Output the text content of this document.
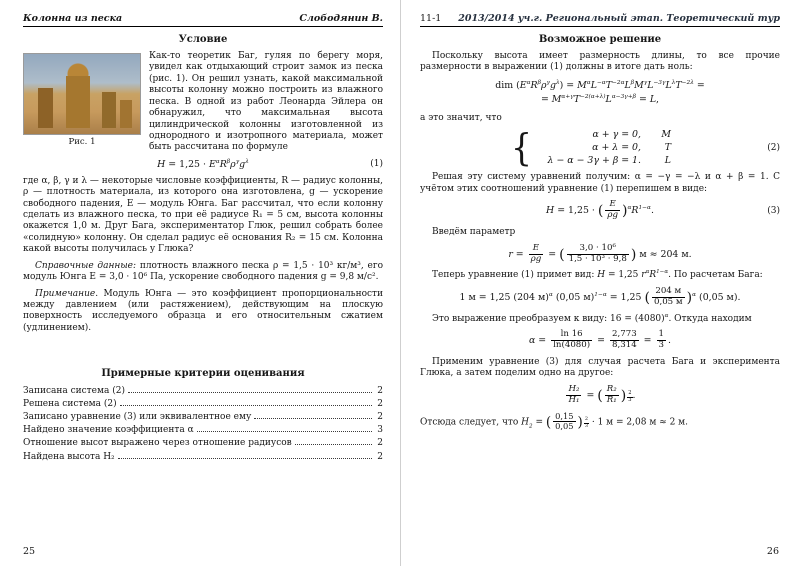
Колонна из песка	Слободянин В.
Условие
Рис. 1

Как-то теоретик Баг, гуляя по берегу моря, увидел как отдыхающий строит замок из песка (рис. 1). Он решил узнать, какой максимальной высоты колонну можно построить из влажного песка. В одной из работ Леонарда Эйлера он обнаружил, что максимальная высота цилиндрической колонны изготовленной из однородного и изотропного материала, может быть рассчитана по формуле

$H = 1,25 \cdot E^\alpha R^\beta\rho^\gamma g^\lambda$	(1)

где α, β, γ и λ — некоторые числовые коэффициенты, R — радиус колонны, ρ — плотность материала, из которого она изготовлена, g — ускорение свободного падения, E — модуль Юнга. Баг рассчитал, что если колонну сделать из влажного песка, то при её радиусе R₁ = 5 см, высота колонны окажется 1,0 м. Друг Бага, экспериментатор Глюк, решил собрать более «солидную» колонну. Он сделал радиус её основания R₂ = 15 см. Колонна какой высоты получилась у Глюка?

Справочные данные: плотность влажного песка ρ = 1,5 · 10³ кг/м³, его модуль Юнга E = 3,0 · 10⁶ Па, ускорение свободного падения g = 9,8 м/с².

Примечание. Модуль Юнга — это коэффициент пропорциональности между давлением (или растяжением), действующим на плоскую поверхность исследуемого образца и его относительным сжатием (удлинением).

Примерные критерии оценивания
Записана система (2)	2
Решена система (2)	2
Записано уравнение (3) или эквивалентное ему	2
Найдено значение коэффициента α	3
Отношение высот выражено через отношение радиусов	2
Найдена высота H₂	2
25
11-1 2013/2014 уч.г. Региональный этап. Теоретический тур
Возможное решение

Поскольку высота имеет размерность длины, то все прочие размерности в выражении (1) должны в итоге дать ноль:

dim $(E^\alpha R^\beta\rho^\gamma g^\lambda) = M^\alpha L^{-\alpha}T^{-2\alpha}L^\beta M^\gamma L^{-3\gamma}L^\lambda T^{-2\lambda}$ =
= $M^{\alpha+\gamma}T^{-2(\alpha+\lambda)}L^{\alpha-3\gamma+\beta} = L$,

а это значит, что

{	α + γ = 0,	M
α + λ = 0,	T
λ − α − 3γ + β = 1.	L
(2)

Решая эту систему уравнений получим: α = −γ = −λ и α + β = 1. С учётом этих соотношений уравнение (1) перепишем в виде:

H = 1,25 · ( $\frac{E}{\rho g} )^\alpha R^{1-\alpha}$.	(3)

Введём параметр

$r = \frac{E}{\rho g}$ = ( $\frac{\text{3,0 · 10⁶}}{\text{1,5 · 10³ · 9,8}}$ ) м ≈ 204 м.

Теперь уравнение (1) примет вид: H = 1,25 $r^\alpha R^{1-\alpha}$. По расчетам Бага:

1 м = 1,25 (204 м)$^\alpha$ (0,05 м)$^{1-\alpha}$ = 1,25 ( 204 м
0,05 м )$^\alpha$ (0,05 м).

Это выражение преобразуем к виду: $16 = (4080)^\alpha$. Откуда находим

$\alpha = \frac{\ln 16}{\ln(4080)} = \frac{2,773}{8,314} = \frac{1}{3}$ .

Применим уравнение (3) для случая расчета Бага и эксперимента Глюка, а затем поделим одно на другое:

$\frac{\text{H₂}}{\text{H₁}}$ = ( $\frac{\text{R₂}}{\text{R₁}}$ ) $\frac{2}{3}$ .

Отсюда следует, что $H_2$ = ( $\frac{0,15}{0,05}$ ) $\frac{2}{3} \cdot 1$ м = 2,08 м ≈ 2 м.

26
